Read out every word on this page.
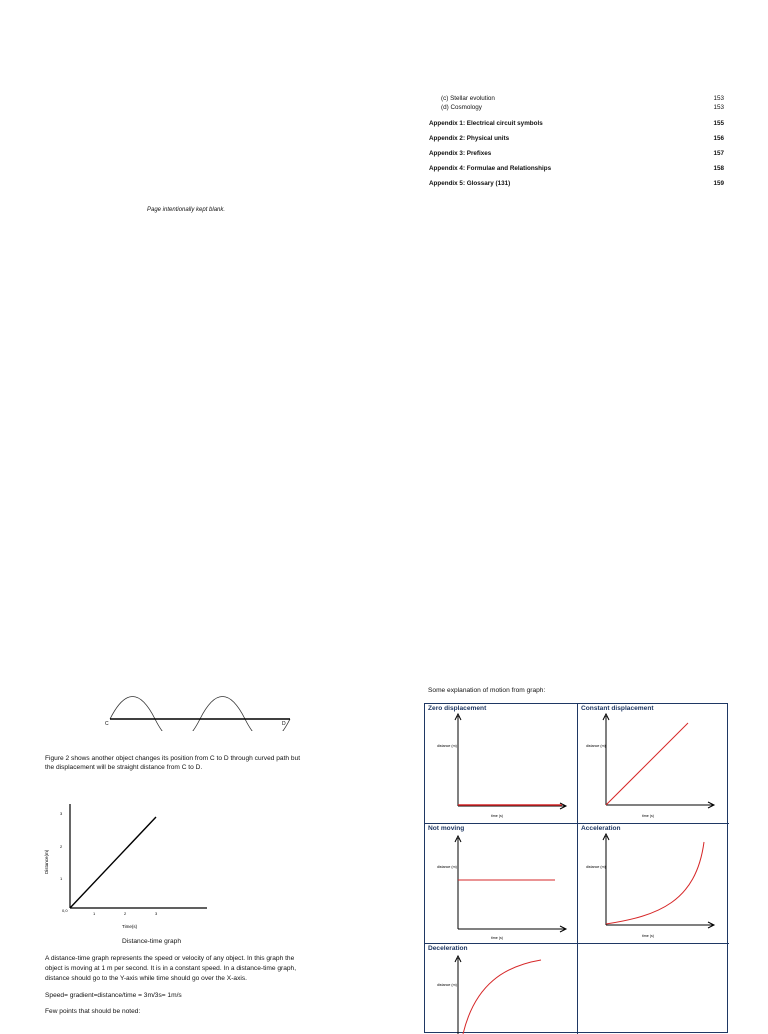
(c) Stellar evolution	153
(d) Cosmology	153
Appendix 1: Electrical circuit symbols	155
Appendix 2: Physical units	156
Appendix 3: Prefixes	157
Appendix 4: Formulae and Relationships	158
Appendix 5: Glossary (131)	159
Page intentionally kept blank.
C	D
Figure 2 shows another object changes its position from C to D through curved path but
the displacement will be straight distance from C to D.
Distance(m)
0,0
1	2	3
1
2
3
Time(s)
Distance-time graph
A distance-time graph represents the speed or velocity of any object. In this graph the
object is moving at 1 m per second. It is in a constant speed. In a distance-time graph,
distance should go to the Y-axis while time should go over the X-axis.
Speed= gradient=distance/time = 3m/3s= 1m/s
Few points that should be noted:
Some explanation of motion from graph:
Zero displacement
distance (m)
time (s)
Constant displacement
distance (m)
time (s)
Not moving
distance (m)
time (s)
Acceleration
distance (m)
time (s)
Deceleration
distance (m)
